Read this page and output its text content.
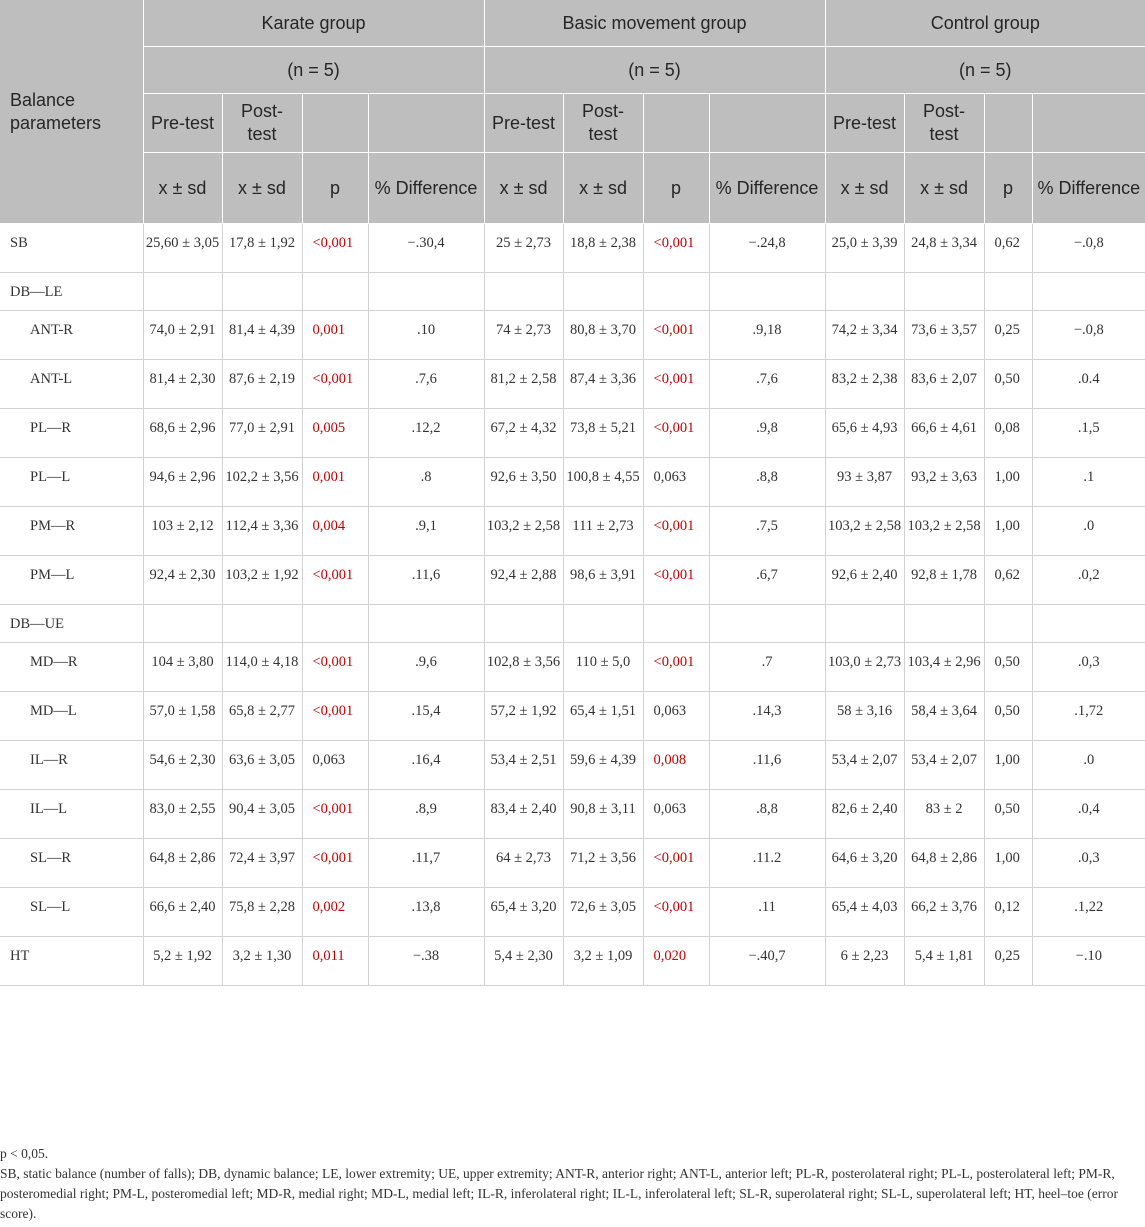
Balance parameters	Karate group				Basic movement group				Control group			
	(n = 5)				(n = 5)				(n = 5)			
	Pre-test	Post-test			Pre-test	Post-test			Pre-test	Post-test		
	x ± sd	x ± sd	p	% Difference	x ± sd	x ± sd	p	% Difference	x ± sd	x ± sd	p	% Difference
SB	25,60 ± 3,05	17,8 ± 1,92	<0,001	−.30,4	25 ± 2,73	18,8 ± 2,38	<0,001	−.24,8	25,0 ± 3,39	24,8 ± 3,34	0,62	−.0,8
DB—LE												
ANT-R	74,0 ± 2,91	81,4 ± 4,39	0,001	.10	74 ± 2,73	80,8 ± 3,70	<0,001	.9,18	74,2 ± 3,34	73,6 ± 3,57	0,25	−.0,8
ANT-L	81,4 ± 2,30	87,6 ± 2,19	<0,001	.7,6	81,2 ± 2,58	87,4 ± 3,36	<0,001	.7,6	83,2 ± 2,38	83,6 ± 2,07	0,50	.0.4
PL—R	68,6 ± 2,96	77,0 ± 2,91	0,005	.12,2	67,2 ± 4,32	73,8 ± 5,21	<0,001	.9,8	65,6 ± 4,93	66,6 ± 4,61	0,08	.1,5
PL—L	94,6 ± 2,96	102,2 ± 3,56	0,001	.8	92,6 ± 3,50	100,8 ± 4,55	0,063	.8,8	93 ± 3,87	93,2 ± 3,63	1,00	.1
PM—R	103 ± 2,12	112,4 ± 3,36	0,004	.9,1	103,2 ± 2,58	111 ± 2,73	<0,001	.7,5	103,2 ± 2,58	103,2 ± 2,58	1,00	.0
PM—L	92,4 ± 2,30	103,2 ± 1,92	<0,001	.11,6	92,4 ± 2,88	98,6 ± 3,91	<0,001	.6,7	92,6 ± 2,40	92,8 ± 1,78	0,62	.0,2
DB—UE												
MD—R	104 ± 3,80	114,0 ± 4,18	<0,001	.9,6	102,8 ± 3,56	110 ± 5,0	<0,001	.7	103,0 ± 2,73	103,4 ± 2,96	0,50	.0,3
MD—L	57,0 ± 1,58	65,8 ± 2,77	<0,001	.15,4	57,2 ± 1,92	65,4 ± 1,51	0,063	.14,3	58 ± 3,16	58,4 ± 3,64	0,50	.1,72
IL—R	54,6 ± 2,30	63,6 ± 3,05	0,063	.16,4	53,4 ± 2,51	59,6 ± 4,39	0,008	.11,6	53,4 ± 2,07	53,4 ± 2,07	1,00	.0
IL—L	83,0 ± 2,55	90,4 ± 3,05	<0,001	.8,9	83,4 ± 2,40	90,8 ± 3,11	0,063	.8,8	82,6 ± 2,40	83 ± 2	0,50	.0,4
SL—R	64,8 ± 2,86	72,4 ± 3,97	<0,001	.11,7	64 ± 2,73	71,2 ± 3,56	<0,001	.11.2	64,6 ± 3,20	64,8 ± 2,86	1,00	.0,3
SL—L	66,6 ± 2,40	75,8 ± 2,28	0,002	.13,8	65,4 ± 3,20	72,6 ± 3,05	<0,001	.11	65,4 ± 4,03	66,2 ± 3,76	0,12	.1,22
HT	5,2 ± 1,92	3,2 ± 1,30	0,011	−.38	5,4 ± 2,30	3,2 ± 1,09	0,020	−.40,7	6 ± 2,23	5,4 ± 1,81	0,25	−.10

p < 0,05.

SB, static balance (number of falls); DB, dynamic balance; LE, lower extremity; UE, upper extremity; ANT-R, anterior right; ANT-L, anterior left; PL-R, posterolateral right; PL-L, posterolateral left; PM-R, posteromedial right; PM-L, posteromedial left; MD-R, medial right; MD-L, medial left; IL-R, inferolateral right; IL-L, inferolateral left; SL-R, superolateral right; SL-L, superolateral left; HT, heel–toe (error score).
